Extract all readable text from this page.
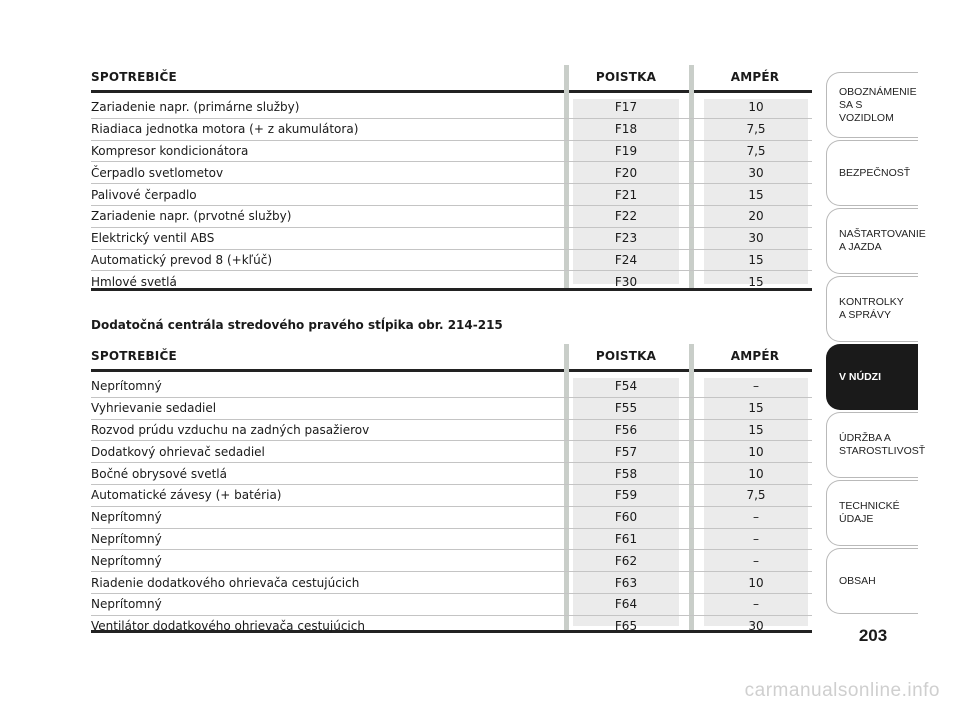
SPOTREBIČE	POISTKA	AMPÉR
Zariadenie napr. (primárne služby)	F17	10
Riadiaca jednotka motora (+ z akumulátora)	F18	7,5
Kompresor kondicionátora	F19	7,5
Čerpadlo svetlometov	F20	30
Palivové čerpadlo	F21	15
Zariadenie napr. (prvotné služby)	F22	20
Elektrický ventil ABS	F23	30
Automatický prevod 8 (+kľúč)	F24	15
Hmlové svetlá	F30	15
Dodatočná centrála stredového pravého stĺpika obr. 214-215
SPOTREBIČE	POISTKA	AMPÉR
Neprítomný	F54	–
Vyhrievanie sedadiel	F55	15
Rozvod prúdu vzduchu na zadných pasažierov	F56	15
Dodatkový ohrievač sedadiel	F57	10
Bočné obrysové svetlá	F58	10
Automatické závesy (+ batéria)	F59	7,5
Neprítomný	F60	–
Neprítomný	F61	–
Neprítomný	F62	–
Riadenie dodatkového ohrievača cestujúcich	F63	10
Neprítomný	F64	–
Ventilátor dodatkového ohrievača cestujúcich	F65	30
OBOZNÁMENIE
SA S VOZIDLOM
BEZPEČNOSŤ
NAŠTARTOVANIE
A JAZDA
KONTROLKY
A SPRÁVY
V NÚDZI
ÚDRŽBA A
STAROSTLIVOSŤ
TECHNICKÉ
ÚDAJE
OBSAH
203
carmanualsonline.info
